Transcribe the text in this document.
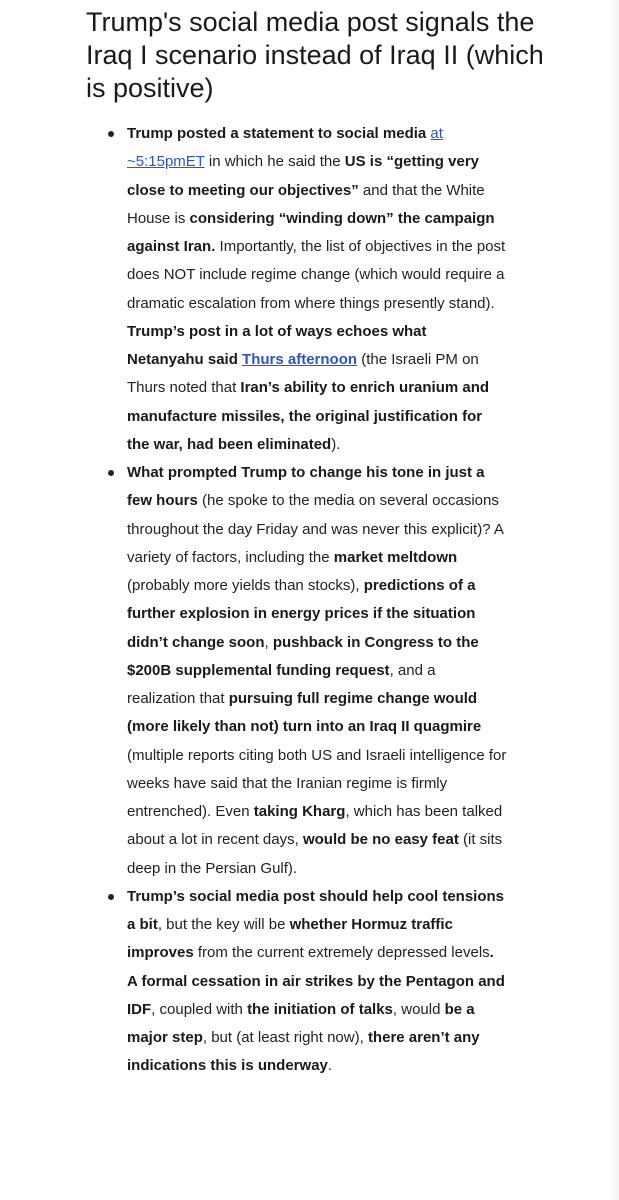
Trump's social media post signals the Iraq I scenario instead of Iraq II (which is positive)
Trump posted a statement to social media at ~5:15pmET in which he said the US is “getting very close to meeting our objectives” and that the White House is considering “winding down” the campaign against Iran. Importantly, the list of objectives in the post does NOT include regime change (which would require a dramatic escalation from where things presently stand). Trump’s post in a lot of ways echoes what Netanyahu said Thurs afternoon (the Israeli PM on Thurs noted that Iran’s ability to enrich uranium and manufacture missiles, the original justification for the war, had been eliminated).
What prompted Trump to change his tone in just a few hours (he spoke to the media on several occasions throughout the day Friday and was never this explicit)? A variety of factors, including the market meltdown (probably more yields than stocks), predictions of a further explosion in energy prices if the situation didn’t change soon, pushback in Congress to the $200B supplemental funding request, and a realization that pursuing full regime change would (more likely than not) turn into an Iraq II quagmire (multiple reports citing both US and Israeli intelligence for weeks have said that the Iranian regime is firmly entrenched). Even taking Kharg, which has been talked about a lot in recent days, would be no easy feat (it sits deep in the Persian Gulf).
Trump’s social media post should help cool tensions a bit, but the key will be whether Hormuz traffic improves from the current extremely depressed levels. A formal cessation in air strikes by the Pentagon and IDF, coupled with the initiation of talks, would be a major step, but (at least right now), there aren’t any indications this is underway.
